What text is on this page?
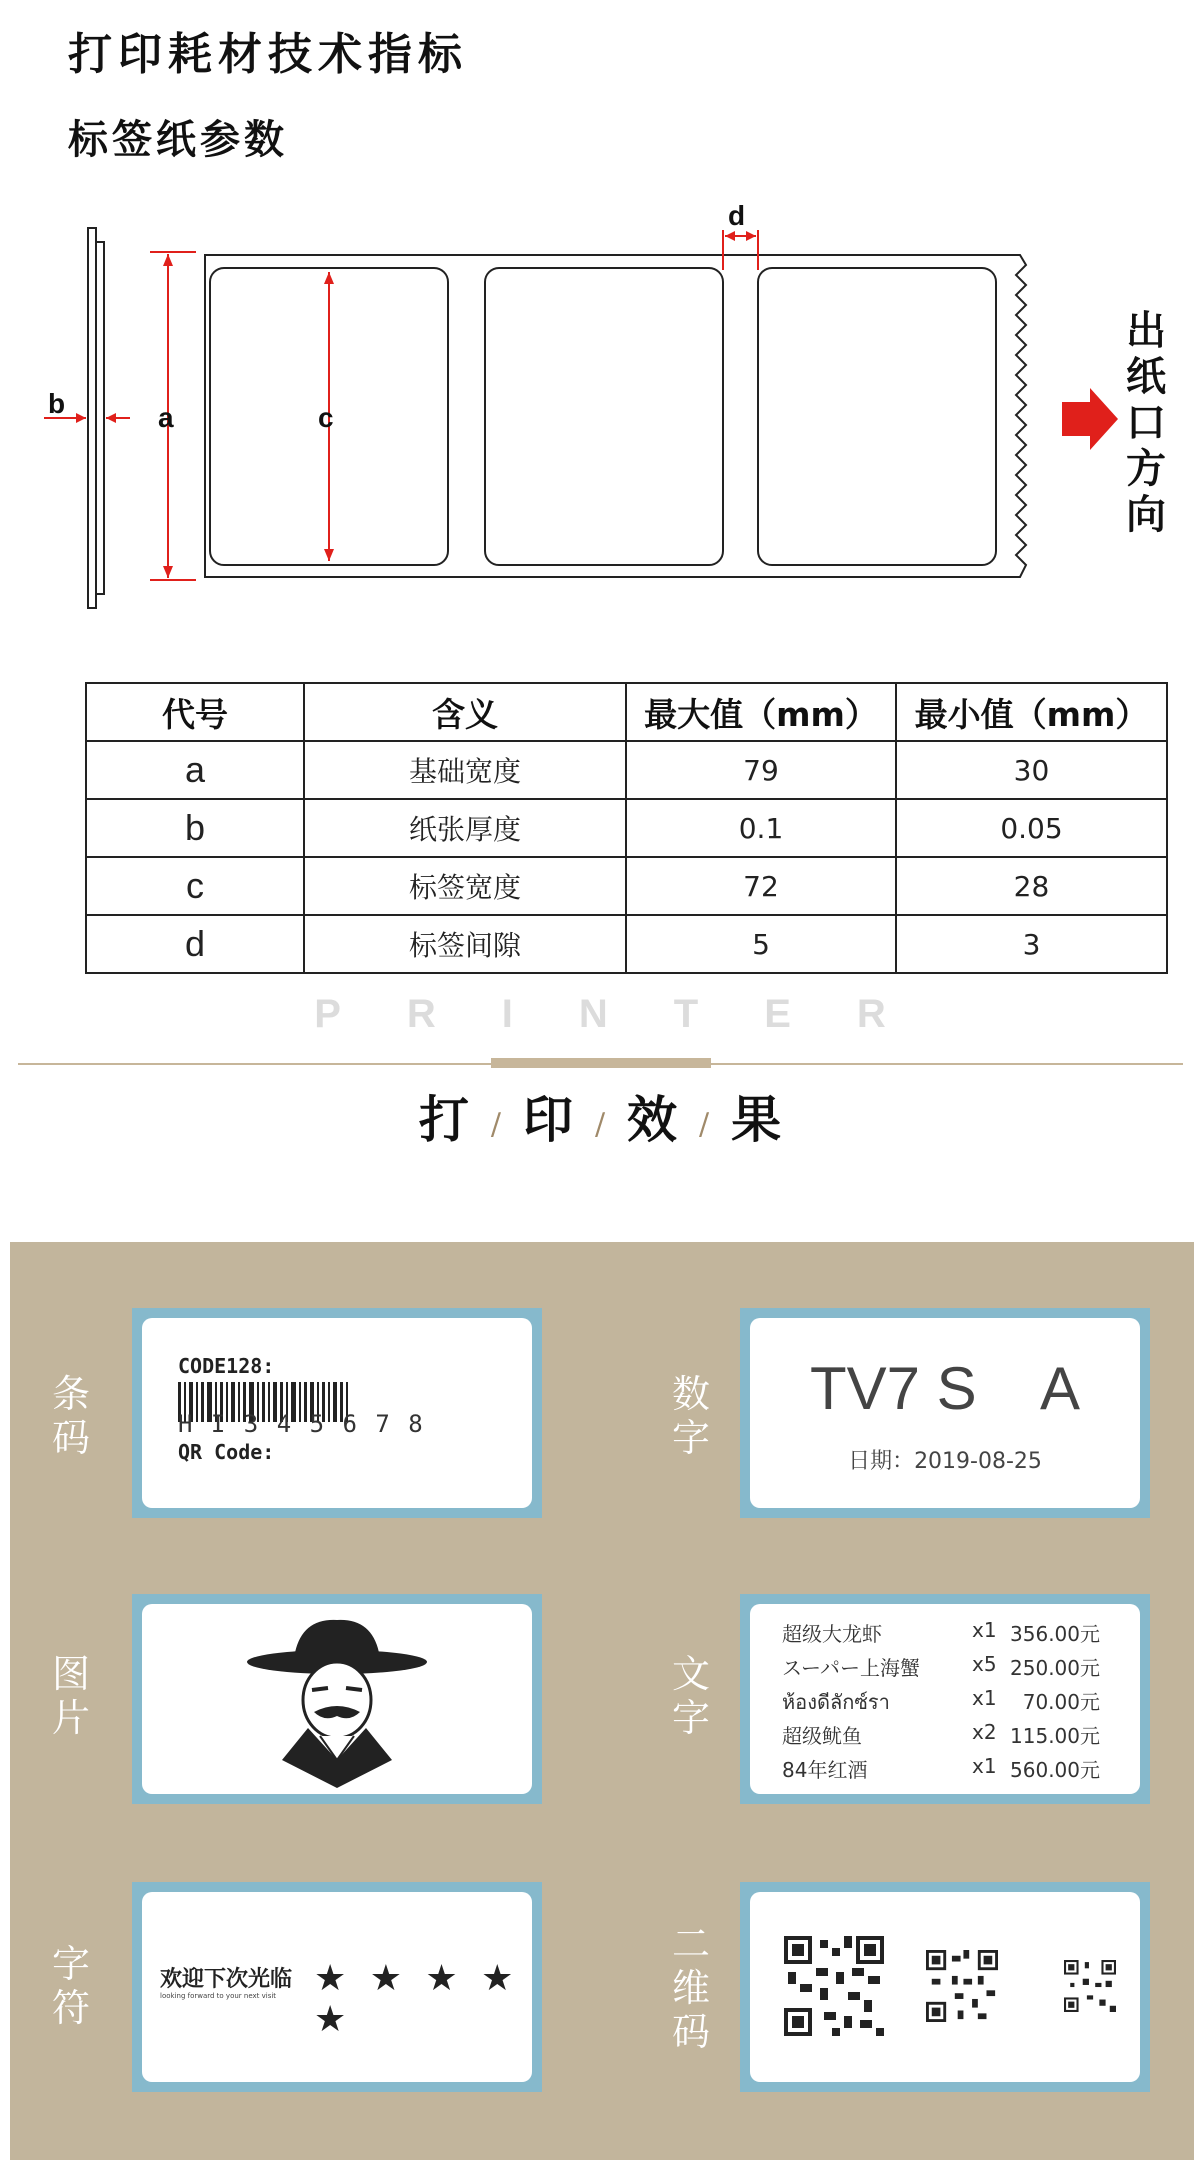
打印耗材技术指标
标签纸参数
b	a	c
d
出纸口方向
代号	含义	最大值（mm）	最小值（mm）
a	基础宽度	79	30
b	纸张厚度	0.1	0.05
c	标签宽度	72	28
d	标签间隙	5	3
PRINTER
打 / 印 / 效 / 果
条码
CODE128:
H I 3 4 5 6 7 8
QR Code:
数字
TV7 S    A
日期：2019-08-25
图片
文字
超级大龙虾	x1 356.00元
スーパー上海蟹	x5 250.00元
ห้องดีลักซ์รา	x1 70.00元
超级鱿鱼	x2 115.00元
84年红酒	x1 560.00元
字符
欢迎下次光临
looking forward to your next visit ★ ★ ★ ★ ★
二维码
